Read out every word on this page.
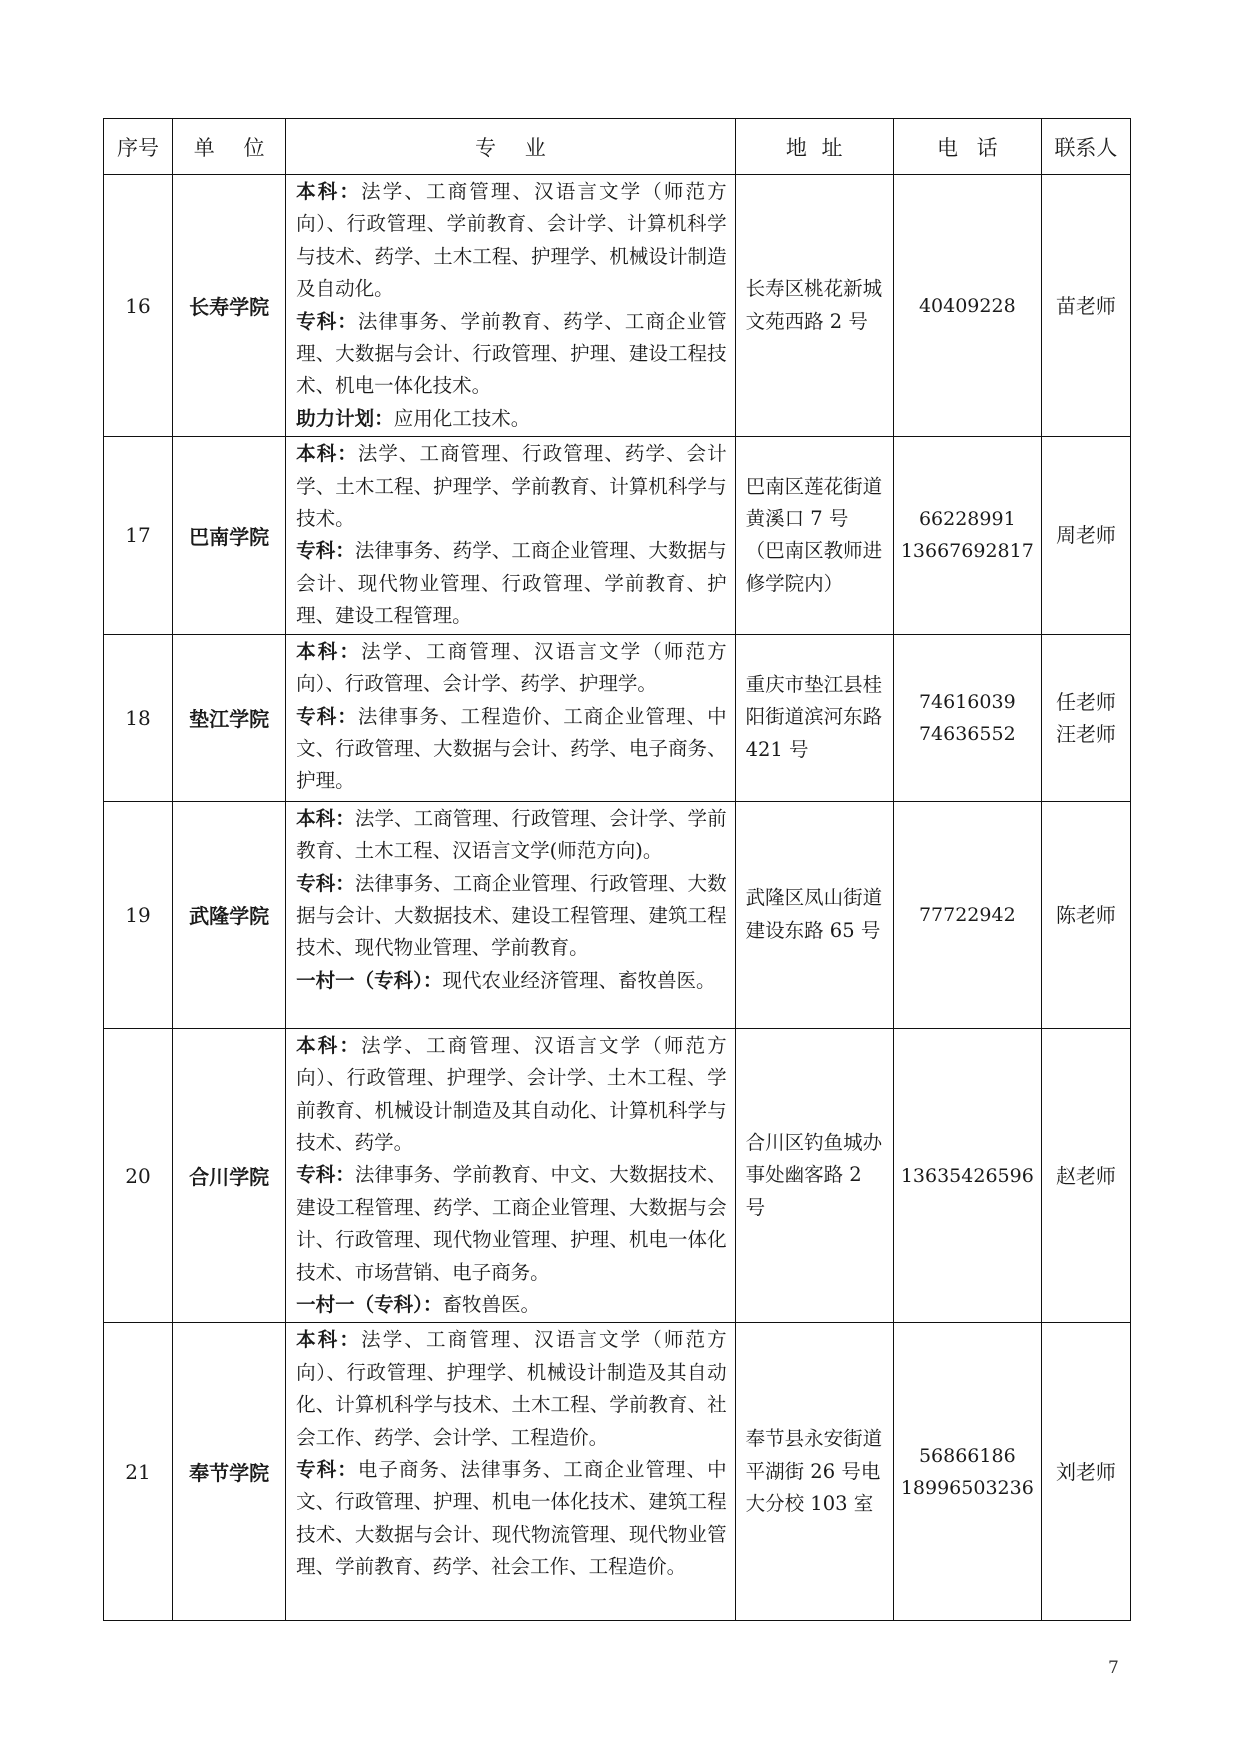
序号	单 位	专 业	地 址	电 话	联系人
16	长寿学院	本科：法学、工商管理、汉语言文学（师范方向）、行政管理、学前教育、会计学、计算机科学与技术、药学、土木工程、护理学、机械设计制造及自动化。
专科：法律事务、学前教育、药学、工商企业管理、大数据与会计、行政管理、护理、建设工程技术、机电一体化技术。
助力计划：应用化工技术。	长寿区桃花新城文苑西路 2 号	40409228	苗老师

17	巴南学院	本科：法学、工商管理、行政管理、药学、会计学、土木工程、护理学、学前教育、计算机科学与技术。
专科：法律事务、药学、工商企业管理、大数据与会计、现代物业管理、行政管理、学前教育、护理、建设工程管理。	巴南区莲花街道黄溪口 7 号（巴南区教师进修学院内）	66228991
13667692817	周老师

18	垫江学院	本科：法学、工商管理、汉语言文学（师范方向）、行政管理、会计学、药学、护理学。
专科：法律事务、工程造价、工商企业管理、中文、行政管理、大数据与会计、药学、电子商务、护理。	重庆市垫江县桂阳街道滨河东路 421 号	74616039
74636552	任老师
汪老师

19	武隆学院	本科：法学、工商管理、行政管理、会计学、学前教育、土木工程、汉语言文学(师范方向)。
专科：法律事务、工商企业管理、行政管理、大数据与会计、大数据技术、建设工程管理、建筑工程技术、现代物业管理、学前教育。
一村一（专科）：现代农业经济管理、畜牧兽医。	武隆区凤山街道建设东路 65 号	77722942	陈老师

20	合川学院	本科：法学、工商管理、汉语言文学（师范方向）、行政管理、护理学、会计学、土木工程、学前教育、机械设计制造及其自动化、计算机科学与技术、药学。
专科：法律事务、学前教育、中文、大数据技术、建设工程管理、药学、工商企业管理、大数据与会计、行政管理、现代物业管理、护理、机电一体化技术、市场营销、电子商务。
一村一（专科）：畜牧兽医。	合川区钓鱼城办事处幽客路 2 号	13635426596	赵老师

21	奉节学院	本科：法学、工商管理、汉语言文学（师范方向）、行政管理、护理学、机械设计制造及其自动化、计算机科学与技术、土木工程、学前教育、社会工作、药学、会计学、工程造价。
专科：电子商务、法律事务、工商企业管理、中文、行政管理、护理、机电一体化技术、建筑工程技术、大数据与会计、现代物流管理、现代物业管理、学前教育、药学、社会工作、工程造价。	奉节县永安街道平湖街 26 号电大分校 103 室	56866186
18996503236	刘老师
7
